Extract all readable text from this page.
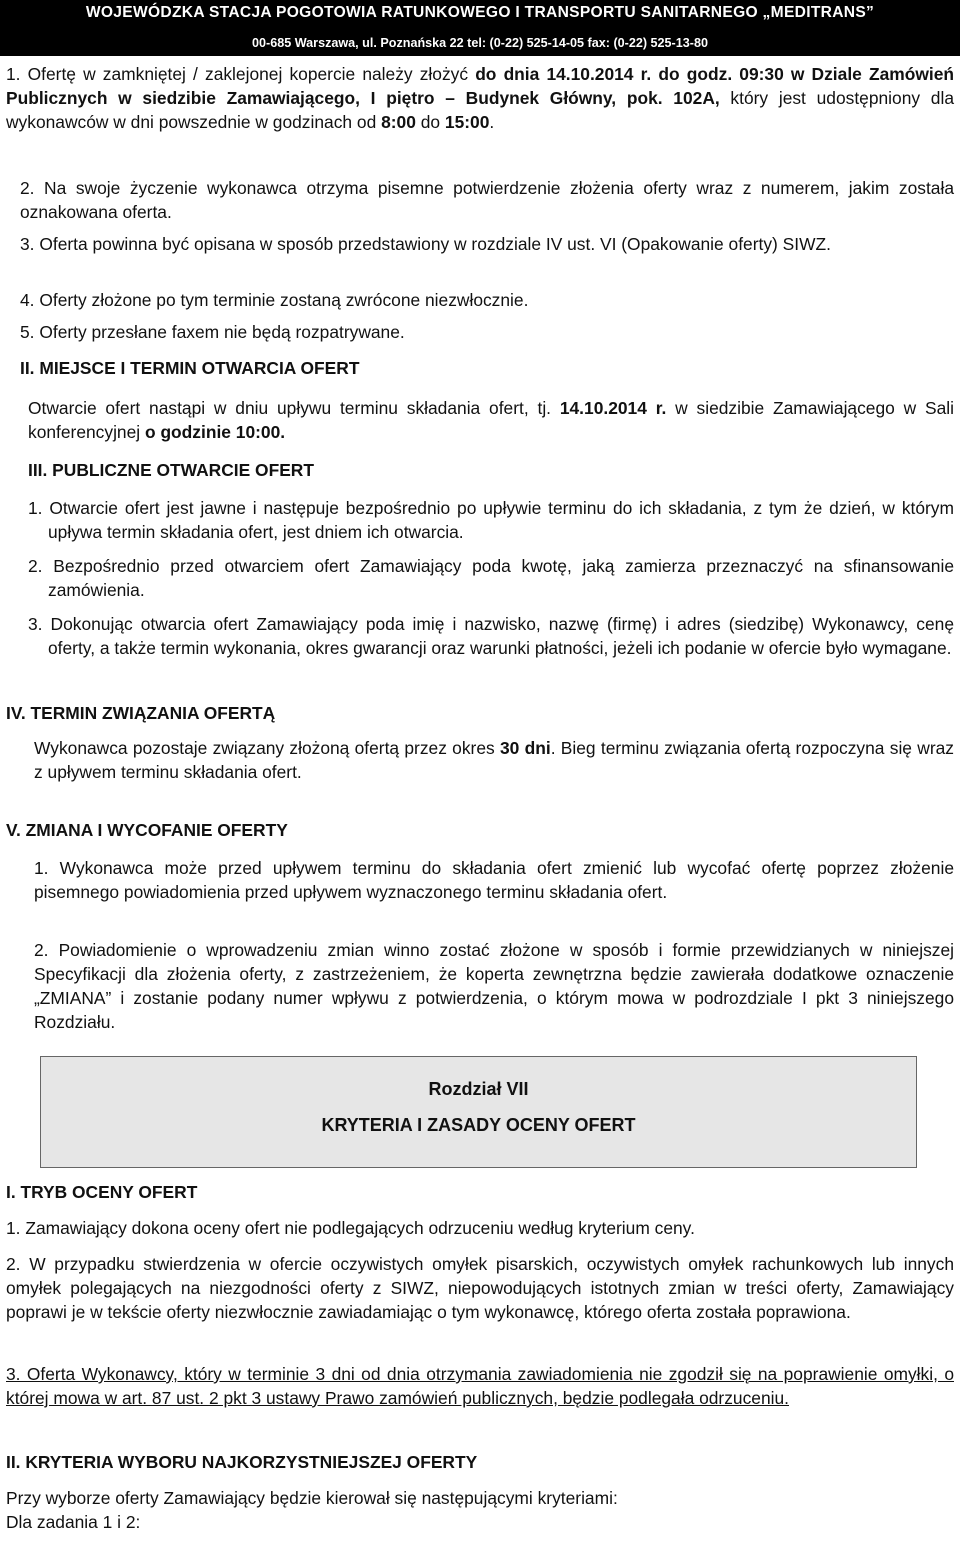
WOJEWÓDZKA STACJA POGOTOWIA RATUNKOWEGO I TRANSPORTU SANITARNEGO „MEDITRANS”
00-685 Warszawa, ul. Poznańska 22 tel: (0-22) 525-14-05 fax: (0-22) 525-13-80
1. Ofertę w zamkniętej / zaklejonej kopercie należy złożyć do dnia 14.10.2014 r. do godz. 09:30 w Dziale Zamówień Publicznych w siedzibie Zamawiającego, I piętro – Budynek Główny, pok. 102A, który jest udostępniony dla wykonawców w dni powszednie w godzinach od 8:00 do 15:00.
2. Na swoje życzenie wykonawca otrzyma pisemne potwierdzenie złożenia oferty wraz z numerem, jakim została oznakowana oferta.
3. Oferta powinna być opisana w sposób przedstawiony w rozdziale IV ust. VI (Opakowanie oferty) SIWZ.
4. Oferty złożone po tym terminie zostaną zwrócone niezwłocznie.
5. Oferty przesłane faxem nie będą rozpatrywane.
II. MIEJSCE I TERMIN OTWARCIA OFERT
Otwarcie ofert nastąpi w dniu upływu terminu składania ofert, tj. 14.10.2014 r. w siedzibie Zamawiającego w Sali konferencyjnej o godzinie 10:00.
III. PUBLICZNE OTWARCIE OFERT
1. Otwarcie ofert jest jawne i następuje bezpośrednio po upływie terminu do ich składania, z tym że dzień, w którym upływa termin składania ofert, jest dniem ich otwarcia.
2. Bezpośrednio przed otwarciem ofert Zamawiający poda kwotę, jaką zamierza przeznaczyć na sfinansowanie zamówienia.
3. Dokonując otwarcia ofert Zamawiający poda imię i nazwisko, nazwę (firmę) i adres (siedzibę) Wykonawcy, cenę oferty, a także termin wykonania, okres gwarancji oraz warunki płatności, jeżeli ich podanie w ofercie było wymagane.
IV. TERMIN ZWIĄZANIA OFERTĄ
Wykonawca pozostaje związany złożoną ofertą przez okres 30 dni. Bieg terminu związania ofertą rozpoczyna się wraz z upływem terminu składania ofert.
V. ZMIANA I WYCOFANIE OFERTY
1. Wykonawca może przed upływem terminu do składania ofert zmienić lub wycofać ofertę poprzez złożenie pisemnego powiadomienia przed upływem wyznaczonego terminu składania ofert.
2. Powiadomienie o wprowadzeniu zmian winno zostać złożone w sposób i formie przewidzianych w niniejszej Specyfikacji dla złożenia oferty, z zastrzeżeniem, że koperta zewnętrzna będzie zawierała dodatkowe oznaczenie „ZMIANA” i zostanie podany numer wpływu z potwierdzenia, o którym mowa w podrozdziale I pkt 3 niniejszego Rozdziału.
Rozdział VII
KRYTERIA I ZASADY OCENY OFERT
I. TRYB OCENY OFERT
1. Zamawiający dokona oceny ofert nie podlegających odrzuceniu według kryterium ceny.
2. W przypadku stwierdzenia w ofercie oczywistych omyłek pisarskich, oczywistych omyłek rachunkowych lub innych omyłek polegających na niezgodności oferty z SIWZ, niepowodujących istotnych zmian w treści oferty, Zamawiający poprawi je w tekście oferty niezwłocznie zawiadamiając o tym wykonawcę, którego oferta została poprawiona.
3. Oferta Wykonawcy, który w terminie 3 dni od dnia otrzymania zawiadomienia nie zgodził się na poprawienie omyłki, o której mowa w art. 87 ust. 2 pkt 3 ustawy Prawo zamówień publicznych, będzie podlegała odrzuceniu.
II. KRYTERIA WYBORU NAJKORZYSTNIEJSZEJ OFERTY
Przy wyborze oferty Zamawiający będzie kierował się następującymi kryteriami:
Dla zadania 1 i 2:
